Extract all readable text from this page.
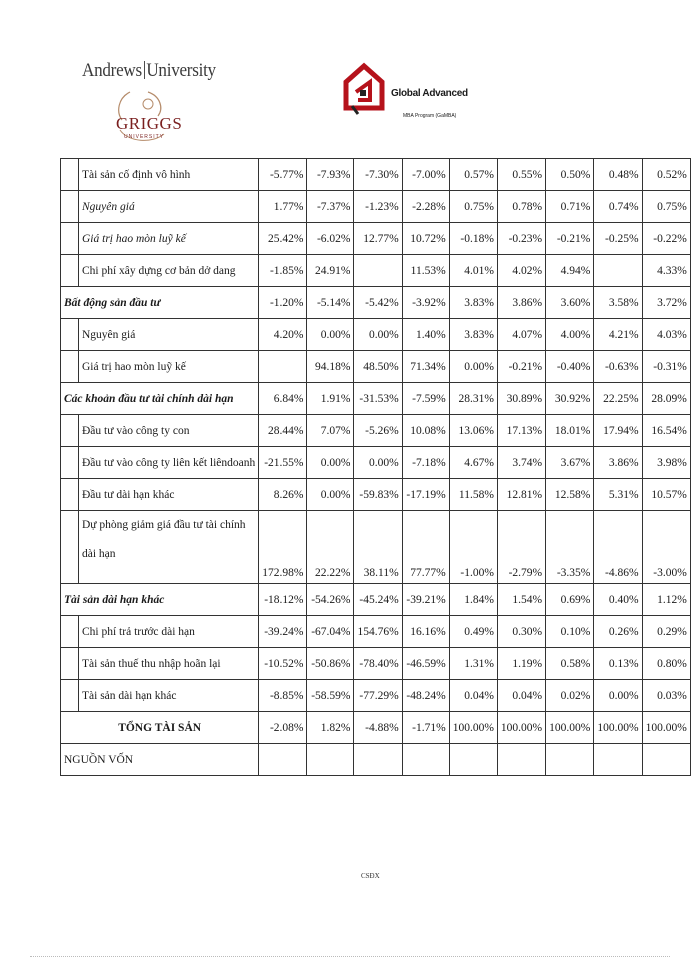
Andrews University
GRIGGS
UNIVERSITY
Global Advanced
MBA Program (GaMBA)
	Tài sản cố định vô hình	-5.77%	-7.93%	-7.30%	-7.00%	0.57%	0.55%	0.50%	0.48%	0.52%
	Nguyên giá	1.77%	-7.37%	-1.23%	-2.28%	0.75%	0.78%	0.71%	0.74%	0.75%
	Giá trị hao mòn luỹ kế	25.42%	-6.02%	12.77%	10.72%	-0.18%	-0.23%	-0.21%	-0.25%	-0.22%
	Chi phí xây dựng cơ bản dở dang	-1.85%	24.91%		11.53%	4.01%	4.02%	4.94%		4.33%
Bất động sản đầu tư		-1.20%	-5.14%	-5.42%	-3.92%	3.83%	3.86%	3.60%	3.58%	3.72%
	Nguyên giá	4.20%	0.00%	0.00%	1.40%	3.83%	4.07%	4.00%	4.21%	4.03%
	Giá trị hao mòn luỹ kế		94.18%	48.50%	71.34%	0.00%	-0.21%	-0.40%	-0.63%	-0.31%
Các khoản đầu tư tài chính dài hạn		6.84%	1.91%	-31.53%	-7.59%	28.31%	30.89%	30.92%	22.25%	28.09%
	Đầu tư vào công ty con	28.44%	7.07%	-5.26%	10.08%	13.06%	17.13%	18.01%	17.94%	16.54%
	Đầu tư vào công ty liên kết liêndoanh	-21.55%	0.00%	0.00%	-7.18%	4.67%	3.74%	3.67%	3.86%	3.98%
	Đầu tư dài hạn khác	8.26%	0.00%	-59.83%	-17.19%	11.58%	12.81%	12.58%	5.31%	10.57%
	Dự phòng giảm giá đầu tư tài chính dài hạn	172.98%	22.22%	38.11%	77.77%	-1.00%	-2.79%	-3.35%	-4.86%	-3.00%
Tài sản dài hạn khác		-18.12%	-54.26%	-45.24%	-39.21%	1.84%	1.54%	0.69%	0.40%	1.12%
	Chi phí trả trước dài hạn	-39.24%	-67.04%	154.76%	16.16%	0.49%	0.30%	0.10%	0.26%	0.29%
	Tài sản thuế thu nhập hoãn lại	-10.52%	-50.86%	-78.40%	-46.59%	1.31%	1.19%	0.58%	0.13%	0.80%
	Tài sản dài hạn khác	-8.85%	-58.59%	-77.29%	-48.24%	0.04%	0.04%	0.02%	0.00%	0.03%
TỔNG TÀI SẢN		-2.08%	1.82%	-4.88%	-1.71%	100.00%	100.00%	100.00%	100.00%	100.00%
NGUỒN VỐN										
CSĐX
